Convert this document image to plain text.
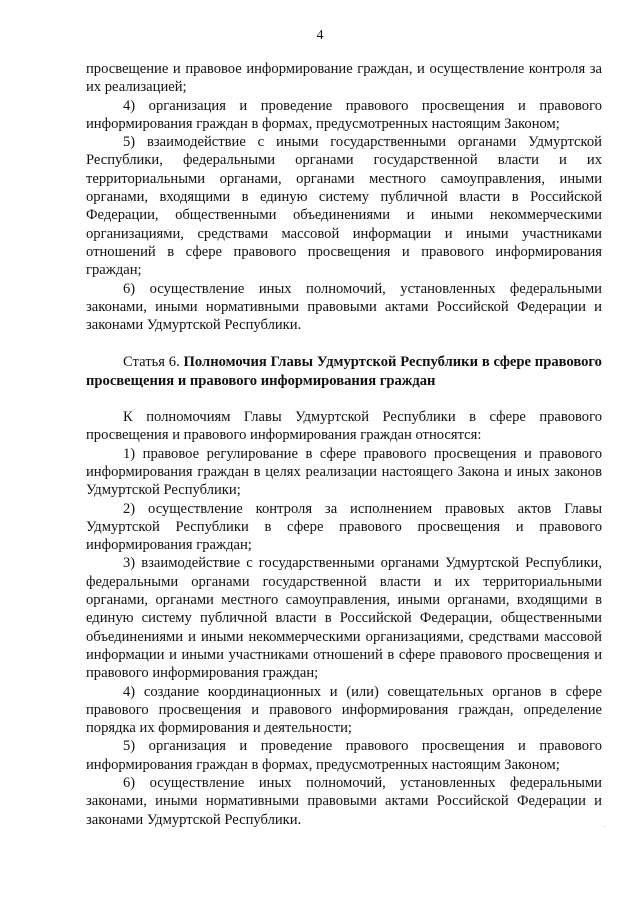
4

просвещение и правовое информирование граждан, и осуществление контроля за их реализацией;

4) организация и проведение правового просвещения и правового информирования граждан в формах, предусмотренных настоящим Законом;

5) взаимодействие с иными государственными органами Удмуртской Республики, федеральными органами государственной власти и их территориальными органами, органами местного самоуправления, иными органами, входящими в единую систему публичной власти в Российской Федерации, общественными объединениями и иными некоммерческими организациями, средствами массовой информации и иными участниками отношений в сфере правового просвещения и правового информирования граждан;

6) осуществление иных полномочий, установленных федеральными законами, иными нормативными правовыми актами Российской Федерации и законами Удмуртской Республики.

Статья 6. Полномочия Главы Удмуртской Республики в сфере правового просвещения и правового информирования граждан

К полномочиям Главы Удмуртской Республики в сфере правового просвещения и правового информирования граждан относятся:

1) правовое регулирование в сфере правового просвещения и правового информирования граждан в целях реализации настоящего Закона и иных законов Удмуртской Республики;

2) осуществление контроля за исполнением правовых актов Главы Удмуртской Республики в сфере правового просвещения и правового информирования граждан;

3) взаимодействие с государственными органами Удмуртской Республики, федеральными органами государственной власти и их территориальными органами, органами местного самоуправления, иными органами, входящими в единую систему публичной власти в Российской Федерации, общественными объединениями и иными некоммерческими организациями, средствами массовой информации и иными участниками отношений в сфере правового просвещения и правового информирования граждан;

4) создание координационных и (или) совещательных органов в сфере правового просвещения и правового информирования граждан, определение порядка их формирования и деятельности;

5) организация и проведение правового просвещения и правового информирования граждан в формах, предусмотренных настоящим Законом;

6) осуществление иных полномочий, установленных федеральными законами, иными нормативными правовыми актами Российской Федерации и законами Удмуртской Республики.
